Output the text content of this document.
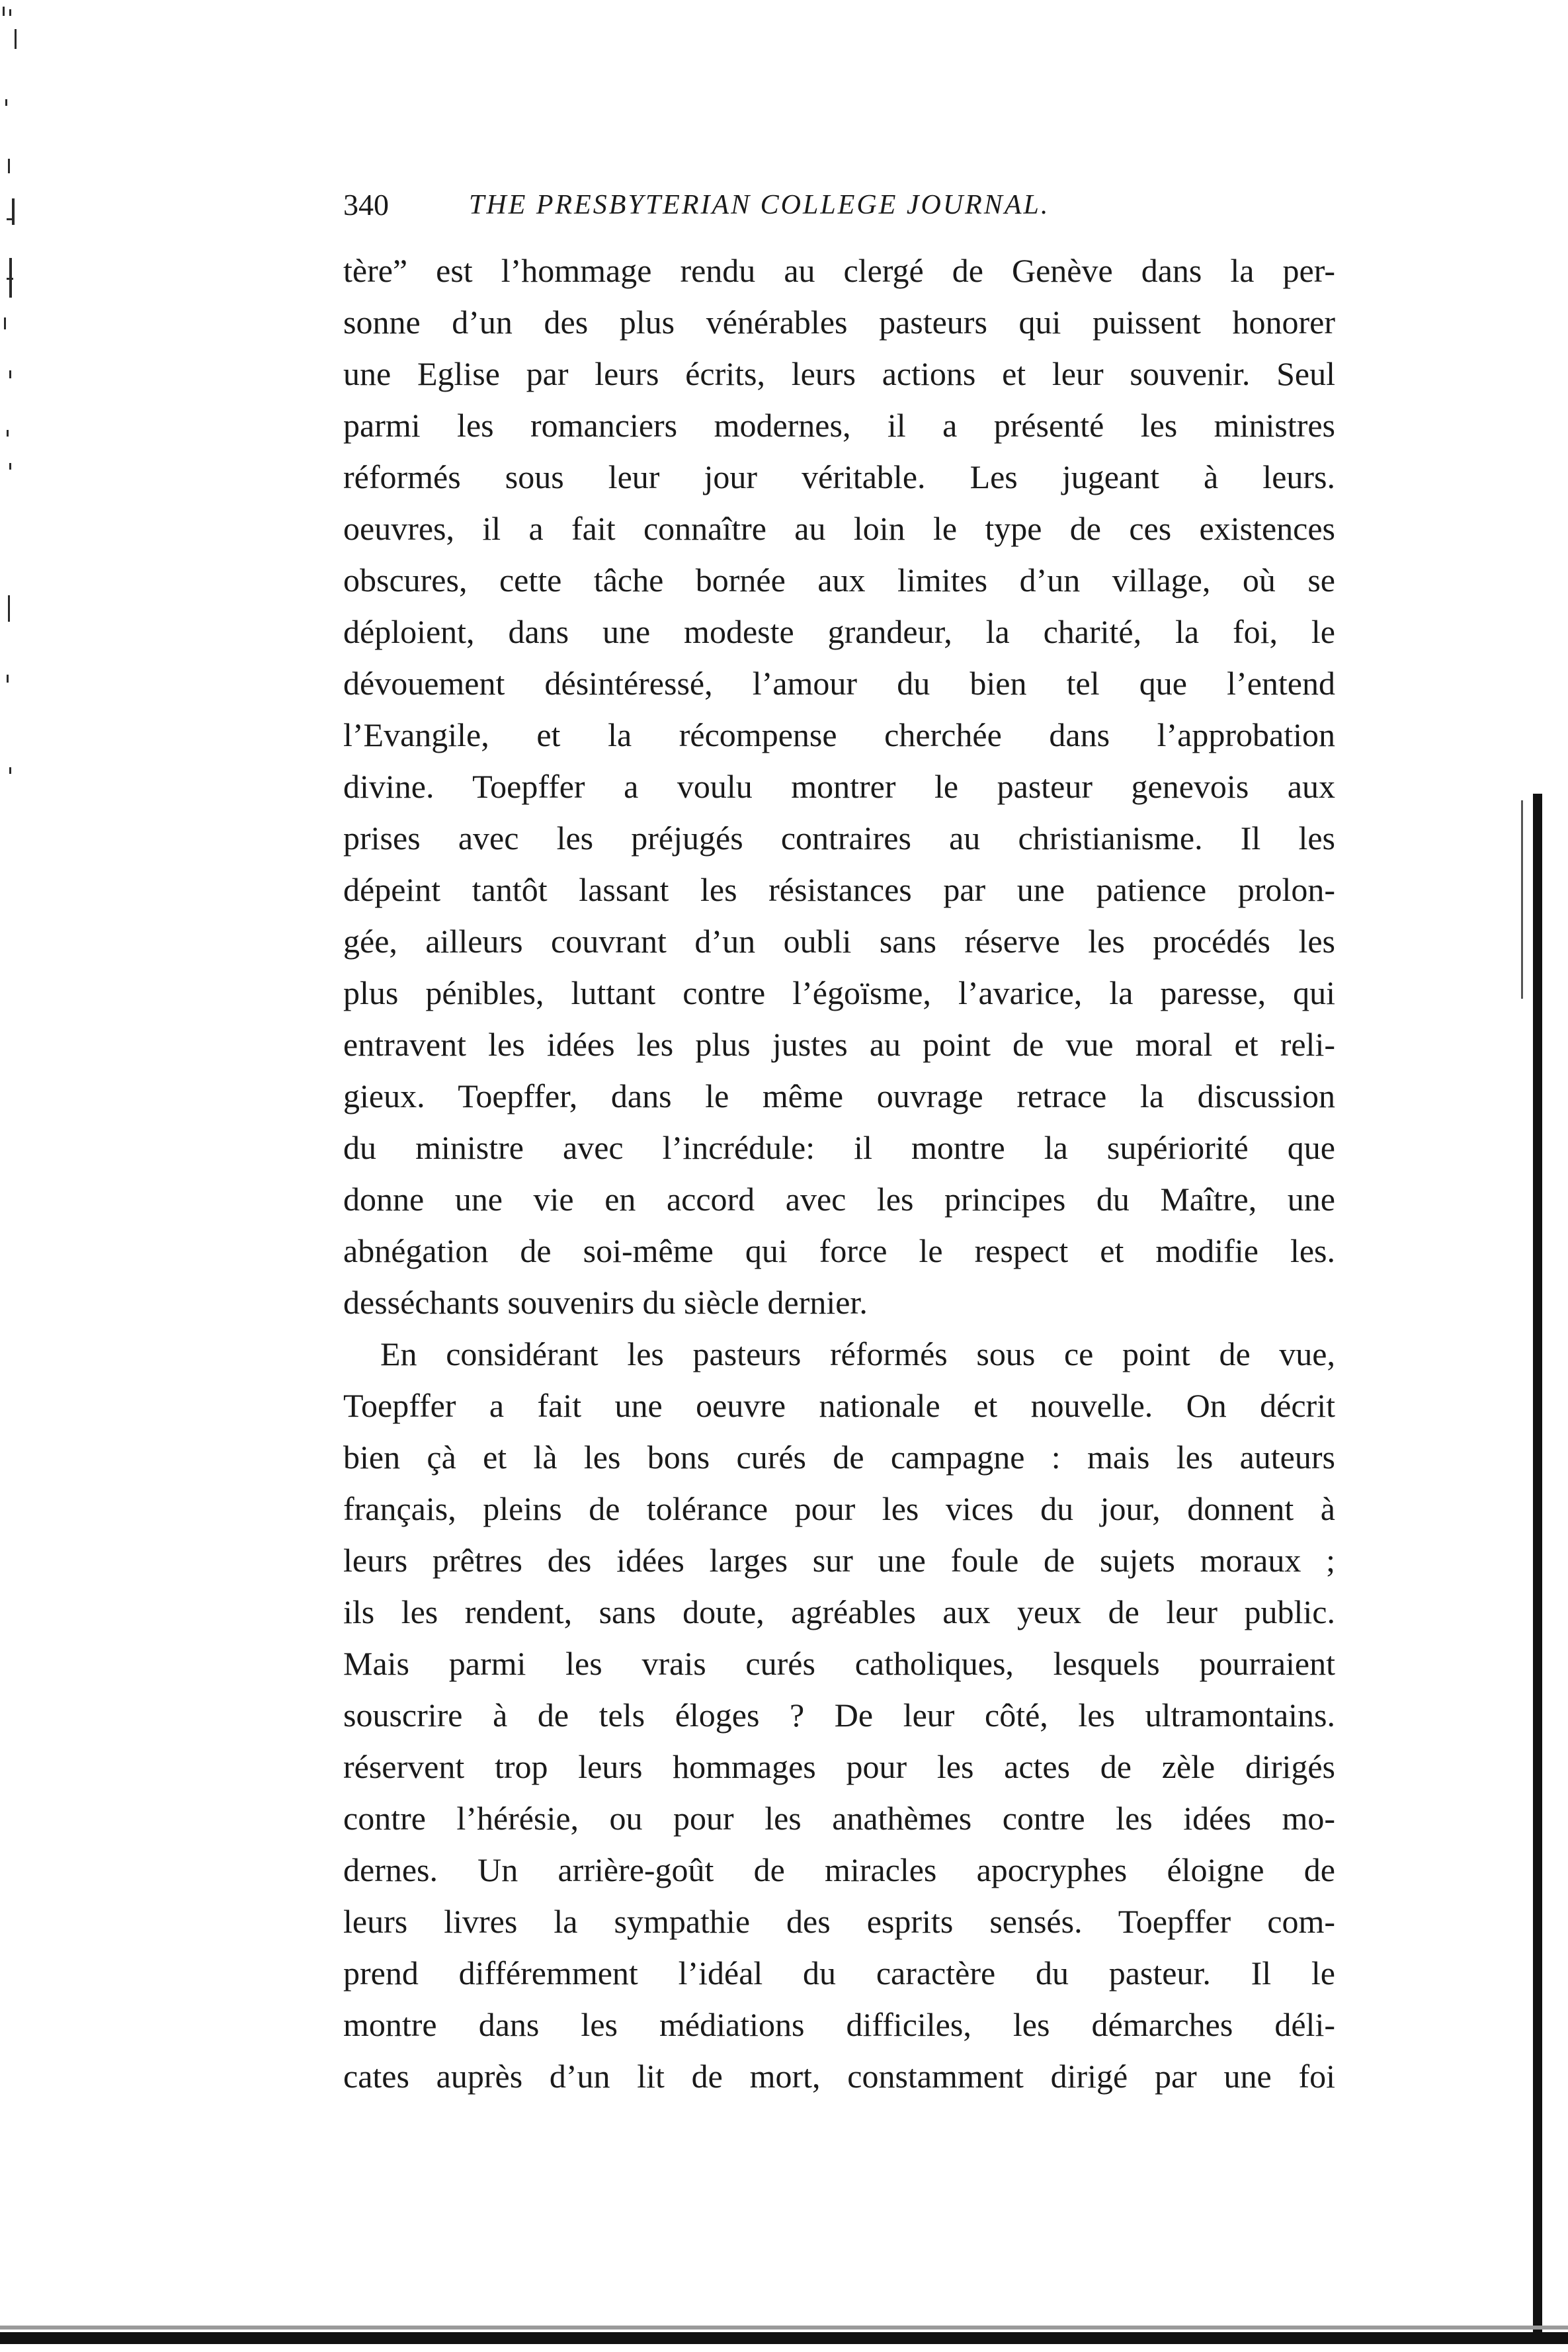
340	THE PRESBYTERIAN COLLEGE JOURNAL.
tère” est l’hommage rendu au clergé de Genève dans la per-
sonne d’un des plus vénérables pasteurs qui puissent honorer
une Eglise par leurs écrits, leurs actions et leur souvenir. Seul
parmi les romanciers modernes, il a présenté les ministres
réformés sous leur jour véritable. Les jugeant à leurs.
oeuvres, il a fait connaître au loin le type de ces existences
obscures, cette tâche bornée aux limites d’un village, où se
déploient, dans une modeste grandeur, la charité, la foi, le
dévouement désintéressé, l’amour du bien tel que l’entend
l’Evangile, et la récompense cherchée dans l’approbation
divine. Toepffer a voulu montrer le pasteur genevois aux
prises avec les préjugés contraires au christianisme. Il les
dépeint tantôt lassant les résistances par une patience prolon-
gée, ailleurs couvrant d’un oubli sans réserve les procédés les
plus pénibles, luttant contre l’égoïsme, l’avarice, la paresse, qui
entravent les idées les plus justes au point de vue moral et reli-
gieux. Toepffer, dans le même ouvrage retrace la discussion
du ministre avec l’incrédule: il montre la supériorité que
donne une vie en accord avec les principes du Maître, une
abnégation de soi-même qui force le respect et modifie les.
desséchants souvenirs du siècle dernier.
En considérant les pasteurs réformés sous ce point de vue,
Toepffer a fait une oeuvre nationale et nouvelle. On décrit
bien çà et là les bons curés de campagne : mais les auteurs
français, pleins de tolérance pour les vices du jour, donnent à
leurs prêtres des idées larges sur une foule de sujets moraux ;
ils les rendent, sans doute, agréables aux yeux de leur public.
Mais parmi les vrais curés catholiques, lesquels pourraient
souscrire à de tels éloges ? De leur côté, les ultramontains.
réservent trop leurs hommages pour les actes de zèle dirigés
contre l’hérésie, ou pour les anathèmes contre les idées mo-
dernes. Un arrière-goût de miracles apocryphes éloigne de
leurs livres la sympathie des esprits sensés. Toepffer com-
prend différemment l’idéal du caractère du pasteur. Il le
montre dans les médiations difficiles, les démarches déli-
cates auprès d’un lit de mort, constamment dirigé par une foi
